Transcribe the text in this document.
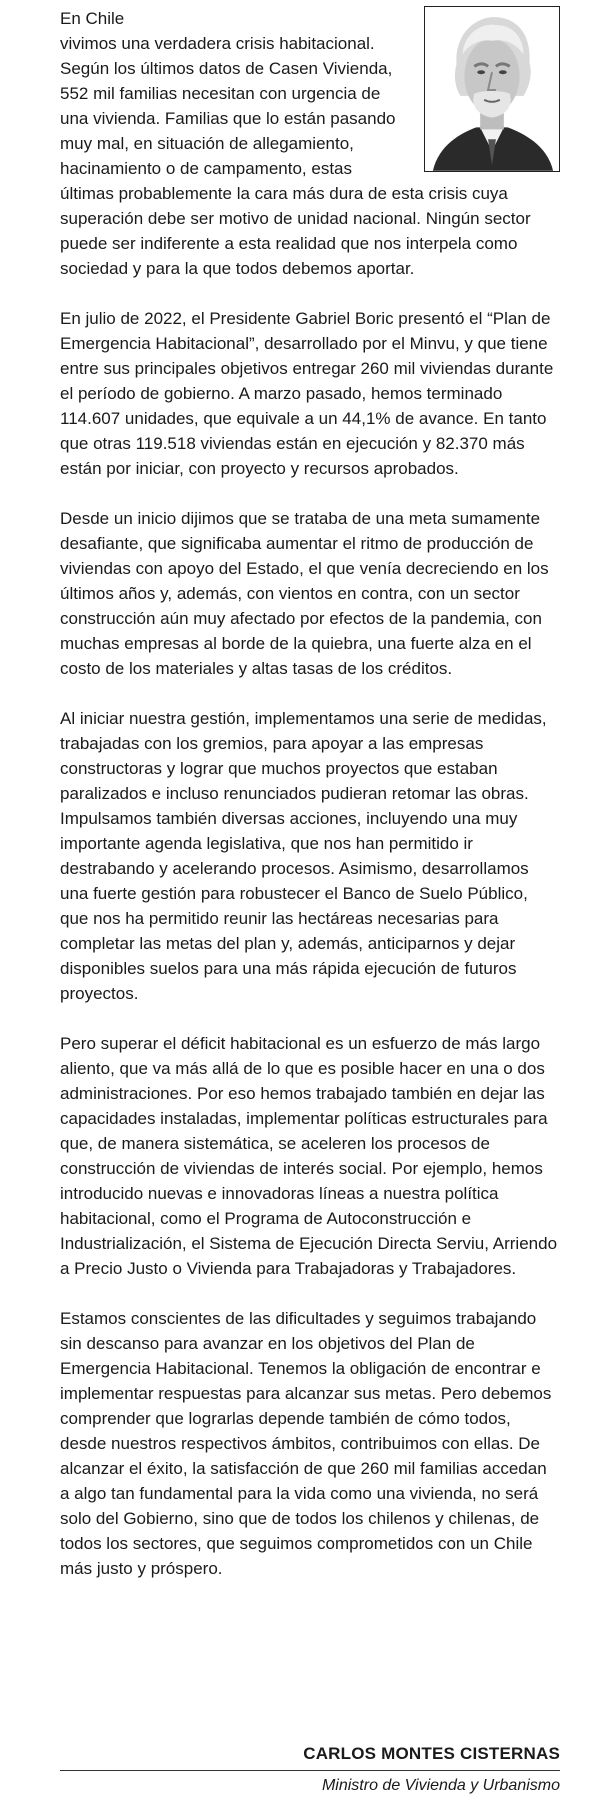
En Chile

vivimos una verdadera crisis habitacional. Según los últimos datos de Casen Vivienda, 552 mil familias necesitan con urgencia de una vivienda. Familias que lo están pasando muy mal, en situación de allegamiento, hacinamiento o de campamento, estas últimas probablemente la cara más dura de esta crisis cuya superación debe ser motivo de unidad nacional. Ningún sector puede ser indiferente a esta realidad que nos interpela como sociedad y para la que todos debemos aportar.

En julio de 2022, el Presidente Gabriel Boric presentó el “Plan de Emergencia Habitacional”, desarrollado por el Minvu, y que tiene entre sus principales objetivos entregar 260 mil viviendas durante el período de gobierno. A marzo pasado, hemos terminado 114.607 unidades, que equivale a un 44,1% de avance. En tanto que otras 119.518 viviendas están en ejecución y 82.370 más están por iniciar, con proyecto y recursos aprobados.

Desde un inicio dijimos que se trataba de una meta sumamente desafiante, que significaba aumentar el ritmo de producción de viviendas con apoyo del Estado, el que venía decreciendo en los últimos años y, además, con vientos en contra, con un sector construcción aún muy afectado por efectos de la pandemia, con muchas empresas al borde de la quiebra, una fuerte alza en el costo de los materiales y altas tasas de los créditos.

Al iniciar nuestra gestión, implementamos una serie de medidas, trabajadas con los gremios, para apoyar a las empresas constructoras y lograr que muchos proyectos que estaban paralizados e incluso renunciados pudieran retomar las obras. Impulsamos también diversas acciones, incluyendo una muy importante agenda legislativa, que nos han permitido ir destrabando y acelerando procesos. Asimismo, desarrollamos una fuerte gestión para robustecer el Banco de Suelo Público, que nos ha permitido reunir las hectáreas necesarias para completar las metas del plan y, además, anticiparnos y dejar disponibles suelos para una más rápida ejecución de futuros proyectos.

Pero superar el déficit habitacional es un esfuerzo de más largo aliento, que va más allá de lo que es posible hacer en una o dos administraciones. Por eso hemos trabajado también en dejar las capacidades instaladas, implementar políticas estructurales para que, de manera sistemática, se aceleren los procesos de construcción de viviendas de interés social. Por ejemplo, hemos introducido nuevas e innovadoras líneas a nuestra política habitacional, como el Programa de Autoconstrucción e Industrialización, el Sistema de Ejecución Directa Serviu, Arriendo a Precio Justo o Vivienda para Trabajadoras y Trabajadores.

Estamos conscientes de las dificultades y seguimos trabajando sin descanso para avanzar en los objetivos del Plan de Emergencia Habitacional. Tenemos la obligación de encontrar e implementar respuestas para alcanzar sus metas. Pero debemos comprender que lograrlas depende también de cómo todos, desde nuestros respectivos ámbitos, contribuimos con ellas. De alcanzar el éxito, la satisfacción de que 260 mil familias accedan a algo tan fundamental para la vida como una vivienda, no será solo del Gobierno, sino que de todos los chilenos y chilenas, de todos los sectores, que seguimos comprometidos con un Chile más justo y próspero.

CARLOS MONTES CISTERNAS
Ministro de Vivienda y Urbanismo
